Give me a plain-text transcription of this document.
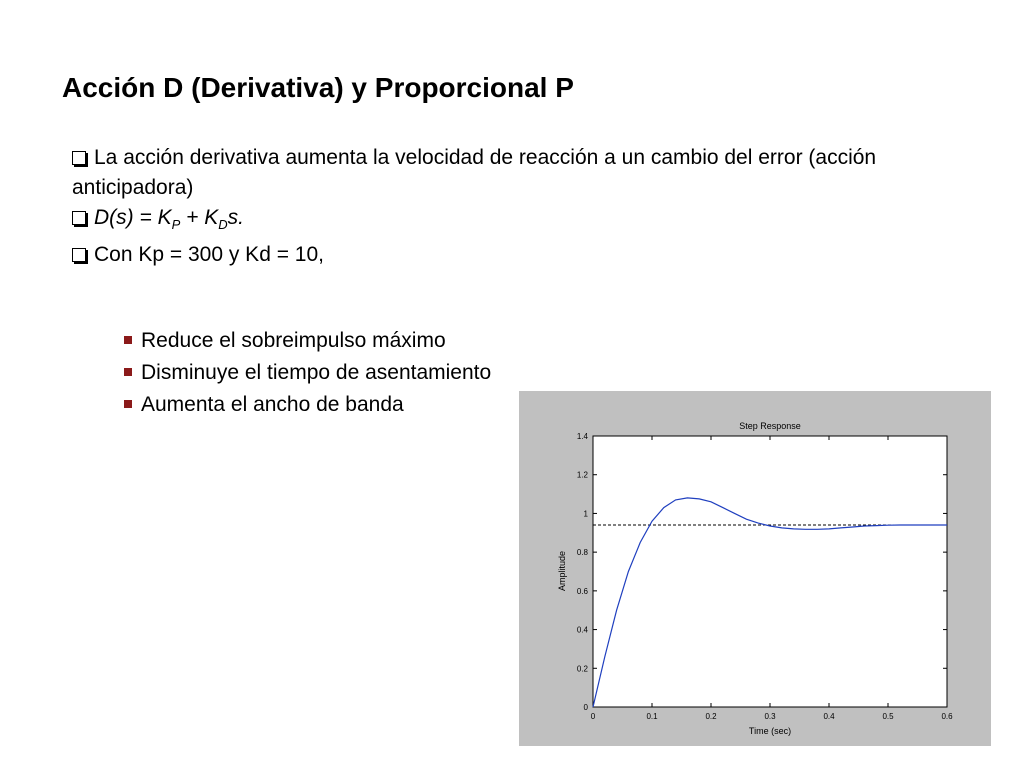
Acción D (Derivativa) y Proporcional P
La acción derivativa aumenta la velocidad de reacción a un cambio del error (acción anticipadora)
$D(s) = K_P + K_Ds$.
Con Kp = 300 y Kd = 10,
Reduce el sobreimpulso máximo
Disminuye el tiempo de asentamiento
Aumenta el ancho de banda
0
0.2
0.4
0.6
0.8
1
1.2
1.4
0	0.1	0.2	0.3	0.4	0.5	0.6
Step Response
Time (sec)
Amplitude
